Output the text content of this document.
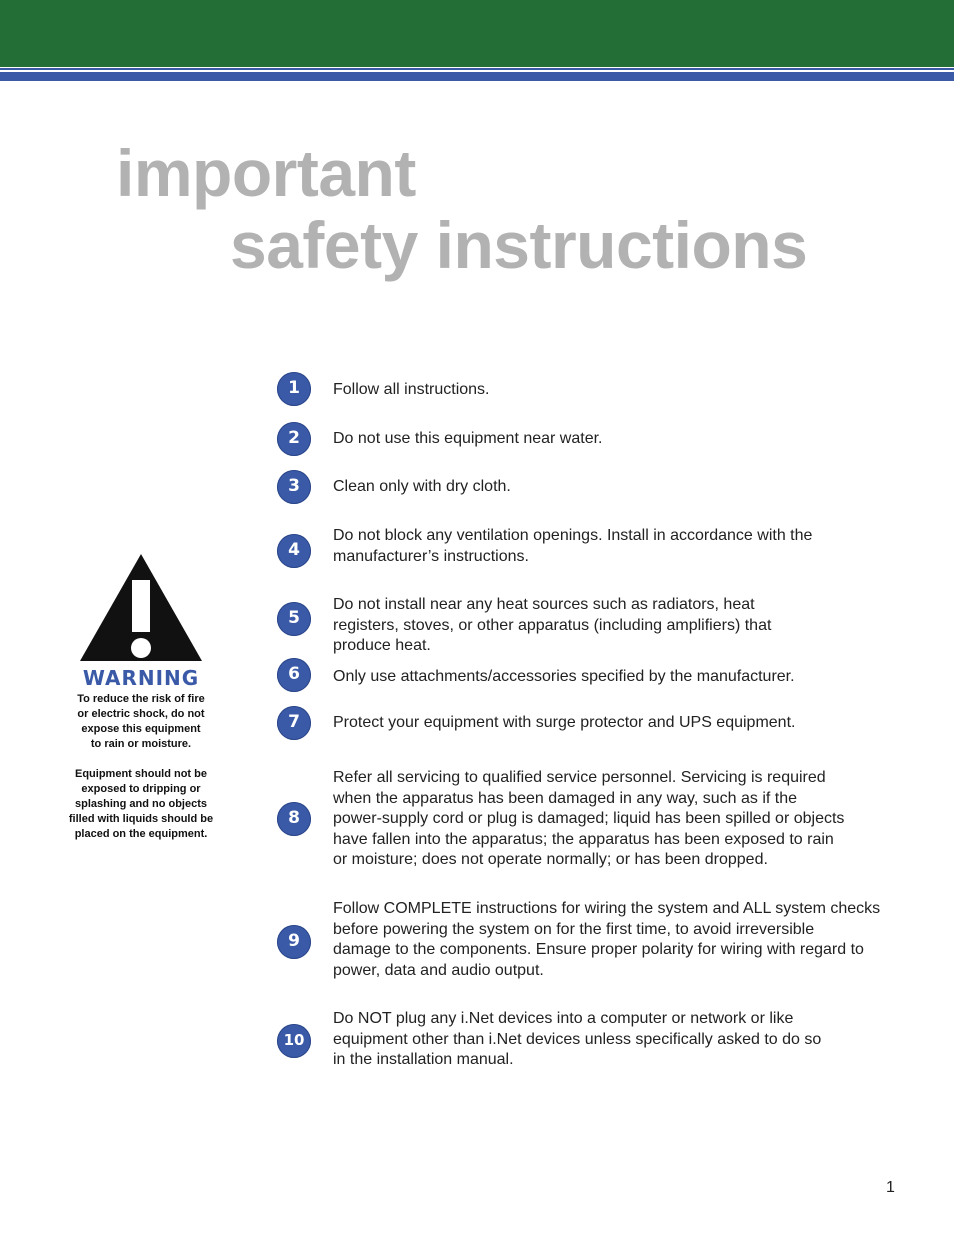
important
safety instructions
WARNING

To reduce the risk of fire
or electric shock, do not
expose this equipment
to rain or moisture.

Equipment should not be
exposed to dripping or
splashing and no objects
filled with liquids should be
placed on the equipment.

1	Follow all instructions.

2	Do not use this equipment near water.

3	Clean only with dry cloth.

4

Do not block any ventilation openings. Install in accordance with the
manufacturer’s instructions.

5

Do not install near any heat sources such as radiators, heat
registers, stoves, or other apparatus (including amplifiers) that
produce heat.

6	Only use attachments/accessories specified by the manufacturer.

7	Protect your equipment with surge protector and UPS equipment.

8

Refer all servicing to qualified service personnel. Servicing is required
when the apparatus has been damaged in any way, such as if the
power-supply cord or plug is damaged; liquid has been spilled or objects
have fallen into the apparatus; the apparatus has been exposed to rain
or moisture; does not operate normally; or has been dropped.

9

Follow COMPLETE instructions for wiring the system and ALL system checks
before powering the system on for the first time, to avoid irreversible
damage to the components. Ensure proper polarity for wiring with regard to
power, data and audio output.

10

Do NOT plug any i.Net devices into a computer or network or like
equipment other than i.Net devices unless specifically asked to do so
in the installation manual.

1
